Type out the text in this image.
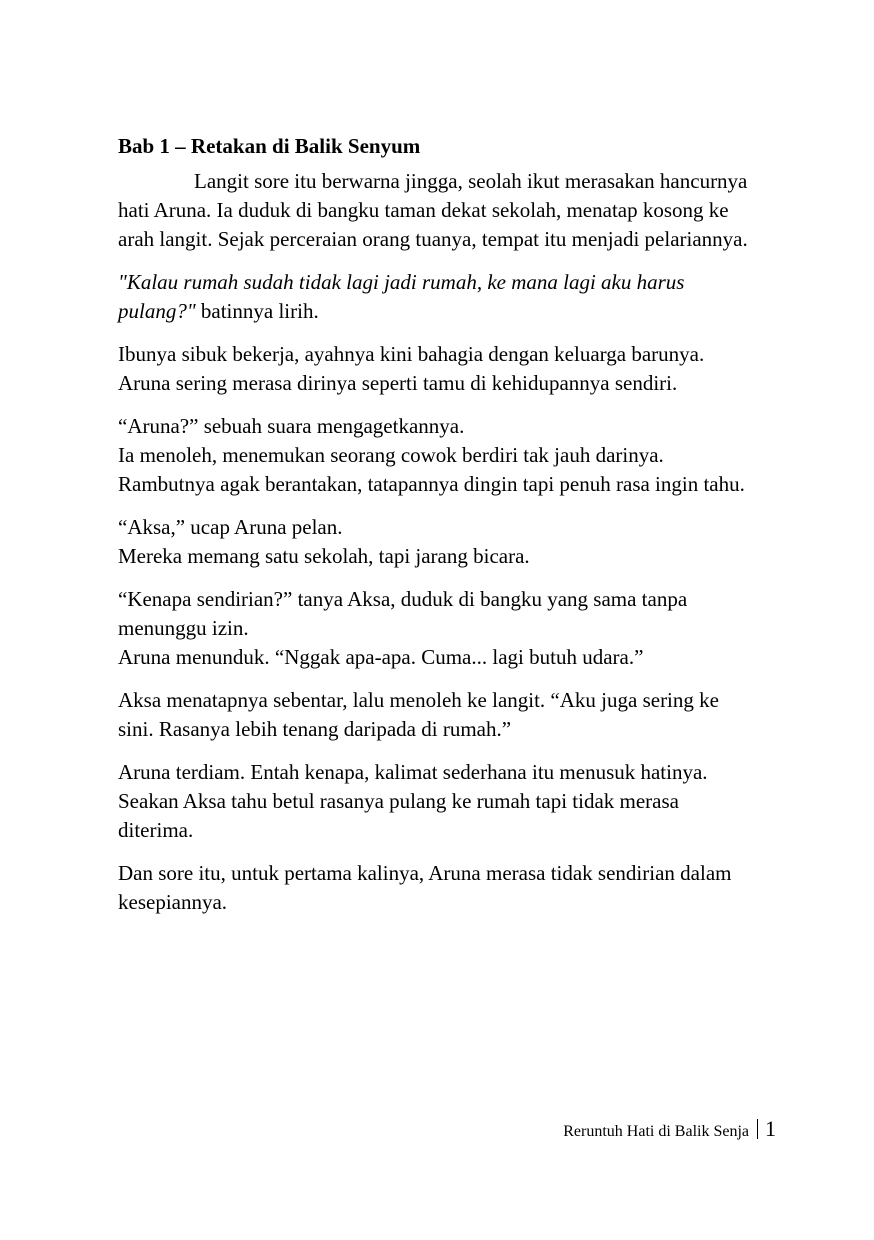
Bab 1 – Retakan di Balik Senyum
Langit sore itu berwarna jingga, seolah ikut merasakan hancurnya
hati Aruna. Ia duduk di bangku taman dekat sekolah, menatap kosong ke
arah langit. Sejak perceraian orang tuanya, tempat itu menjadi pelariannya.
"Kalau rumah sudah tidak lagi jadi rumah, ke mana lagi aku harus
pulang?" batinnya lirih.
Ibunya sibuk bekerja, ayahnya kini bahagia dengan keluarga barunya.
Aruna sering merasa dirinya seperti tamu di kehidupannya sendiri.
“Aruna?” sebuah suara mengagetkannya.
Ia menoleh, menemukan seorang cowok berdiri tak jauh darinya.
Rambutnya agak berantakan, tatapannya dingin tapi penuh rasa ingin tahu.
“Aksa,” ucap Aruna pelan.
Mereka memang satu sekolah, tapi jarang bicara.
“Kenapa sendirian?” tanya Aksa, duduk di bangku yang sama tanpa
menunggu izin.
Aruna menunduk. “Nggak apa-apa. Cuma... lagi butuh udara.”
Aksa menatapnya sebentar, lalu menoleh ke langit. “Aku juga sering ke
sini. Rasanya lebih tenang daripada di rumah.”
Aruna terdiam. Entah kenapa, kalimat sederhana itu menusuk hatinya.
Seakan Aksa tahu betul rasanya pulang ke rumah tapi tidak merasa
diterima.
Dan sore itu, untuk pertama kalinya, Aruna merasa tidak sendirian dalam
kesepiannya.
Reruntuh Hati di Balik Senja 1
